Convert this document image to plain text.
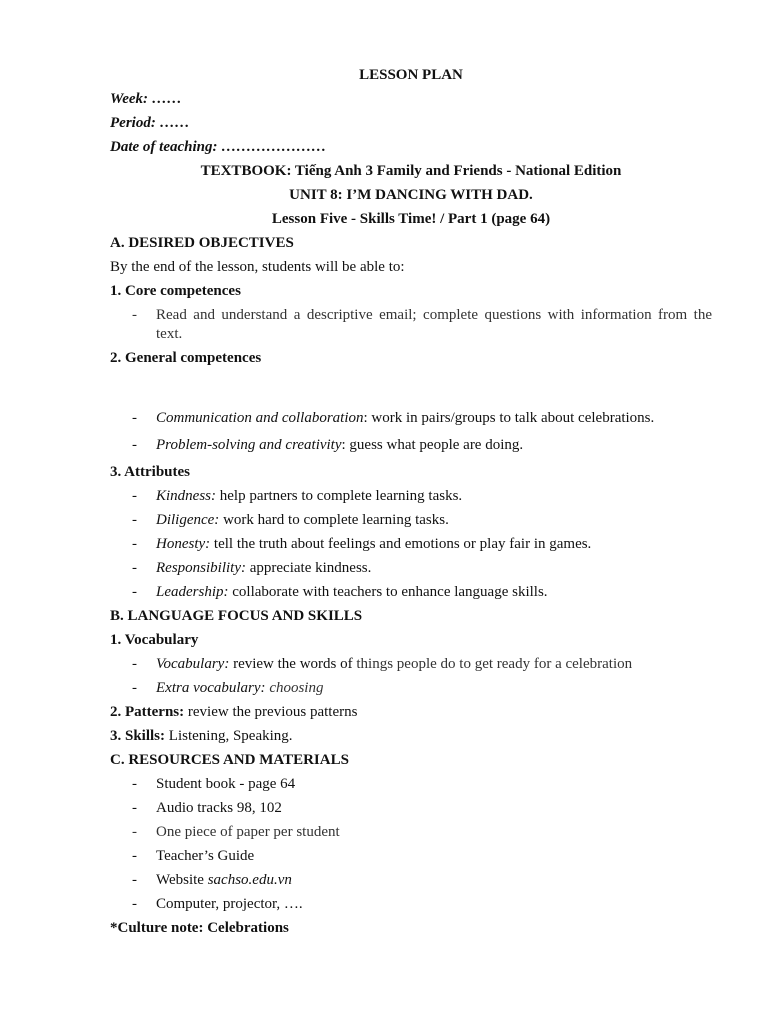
LESSON PLAN
Week: ……
Period: ……
Date of teaching: …………………
TEXTBOOK: Tiếng Anh 3 Family and Friends - National Edition
UNIT 8: I’M DANCING WITH DAD.
Lesson Five - Skills Time! / Part 1 (page 64)
A. DESIRED OBJECTIVES
By the end of the lesson, students will be able to:
1. Core competences
- Read and understand a descriptive email; complete questions with information from the text.
2. General competences
- Communication and collaboration: work in pairs/groups to talk about celebrations.
- Problem-solving and creativity: guess what people are doing.
3. Attributes
- Kindness: help partners to complete learning tasks.
- Diligence: work hard to complete learning tasks.
- Honesty: tell the truth about feelings and emotions or play fair in games.
- Responsibility: appreciate kindness.
- Leadership: collaborate with teachers to enhance language skills.
B. LANGUAGE FOCUS AND SKILLS
1. Vocabulary
- Vocabulary: review the words of things people do to get ready for a celebration
- Extra vocabulary: choosing
2. Patterns: review the previous patterns
3. Skills: Listening, Speaking.
C. RESOURCES AND MATERIALS
- Student book - page 64
- Audio tracks 98, 102
- One piece of paper per student
- Teacher’s Guide
- Website sachso.edu.vn
- Computer, projector, ….
*Culture note: Celebrations
